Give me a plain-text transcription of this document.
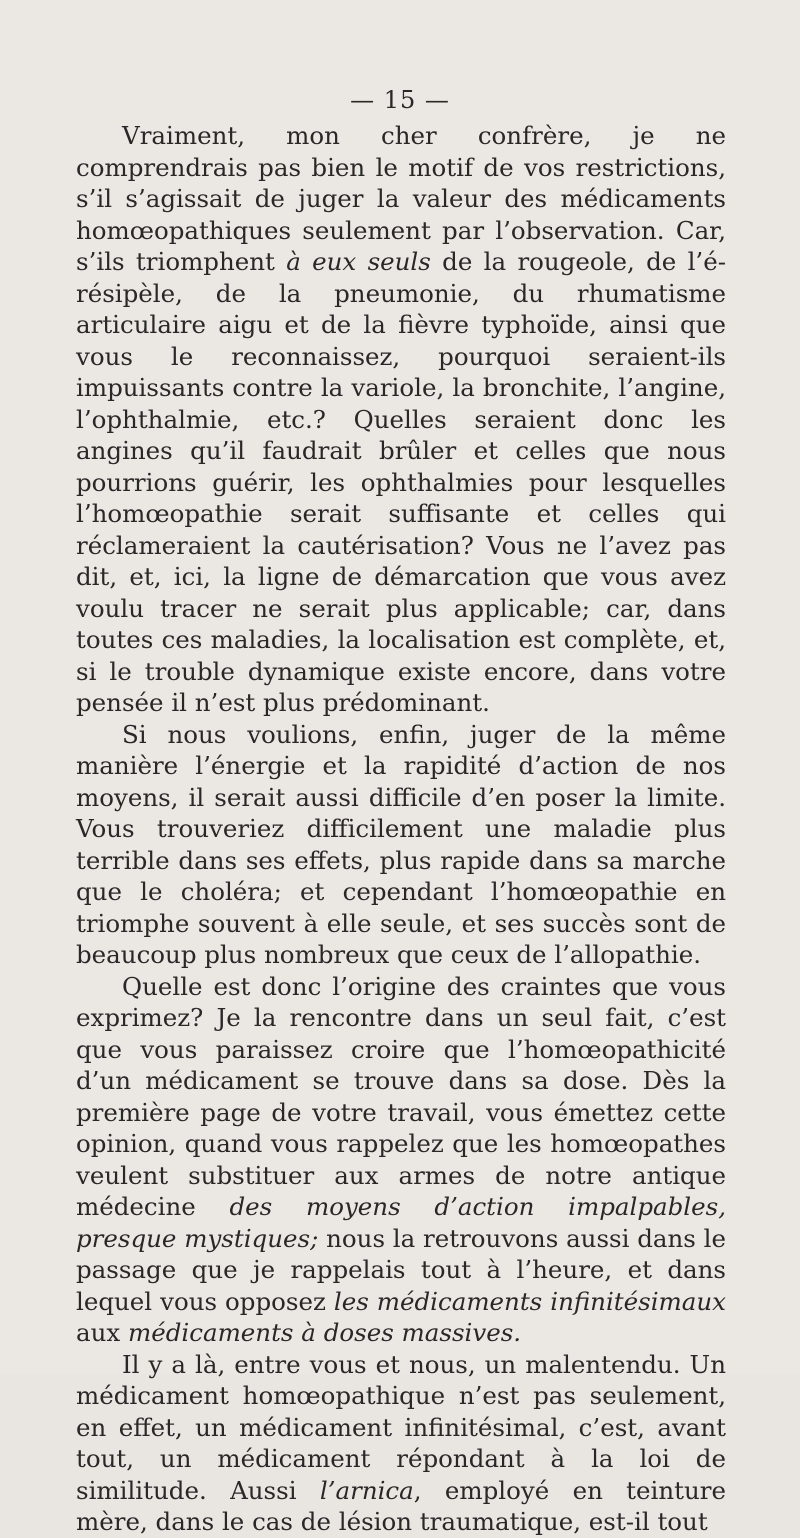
— 15 —

Vraiment, mon cher confrère, je ne comprendrais pas bien le motif de vos restrictions, s’il s’agissait de juger la valeur des médicaments homœopathiques seulement par l’observation. Car, s’ils triomphent à eux seuls de la rougeole, de l’érésipèle, de la pneumonie, du rhumatisme articulaire aigu et de la fièvre typhoïde, ainsi que vous le reconnaissez, pourquoi seraient-ils impuissants contre la variole, la bronchite, l’angine, l’ophthalmie, etc.? Quelles seraient donc les angines qu’il faudrait brûler et celles que nous pourrions guérir, les ophthalmies pour lesquelles l’homœopathie serait suffisante et celles qui réclameraient la cautérisation? Vous ne l’avez pas dit, et, ici, la ligne de démarcation que vous avez voulu tracer ne serait plus applicable; car, dans toutes ces maladies, la localisation est complète, et, si le trouble dynamique existe encore, dans votre pensée il n’est plus prédominant.

Si nous voulions, enfin, juger de la même manière l’énergie et la rapidité d’action de nos moyens, il serait aussi difficile d’en poser la limite. Vous trouveriez difficilement une maladie plus terrible dans ses effets, plus rapide dans sa marche que le choléra; et cependant l’homœopathie en triomphe souvent à elle seule, et ses succès sont de beaucoup plus nombreux que ceux de l’allopathie.

Quelle est donc l’origine des craintes que vous exprimez? Je la rencontre dans un seul fait, c’est que vous paraissez croire que l’homœopathicité d’un médicament se trouve dans sa dose. Dès la première page de votre travail, vous émettez cette opinion, quand vous rappelez que les homœopathes veulent substituer aux armes de notre antique médecine des moyens d’action impalpables, presque mystiques; nous la retrouvons aussi dans le passage que je rappelais tout à l’heure, et dans lequel vous opposez les médicaments infinitésimaux aux médicaments à doses massives.

Il y a là, entre vous et nous, un malentendu. Un médicament homœopathique n’est pas seulement, en effet, un médicament infinitésimal, c’est, avant tout, un médicament répondant à la loi de similitude. Aussi l’arnica, employé en teinture mère, dans le cas de lésion traumatique, est-il tout
